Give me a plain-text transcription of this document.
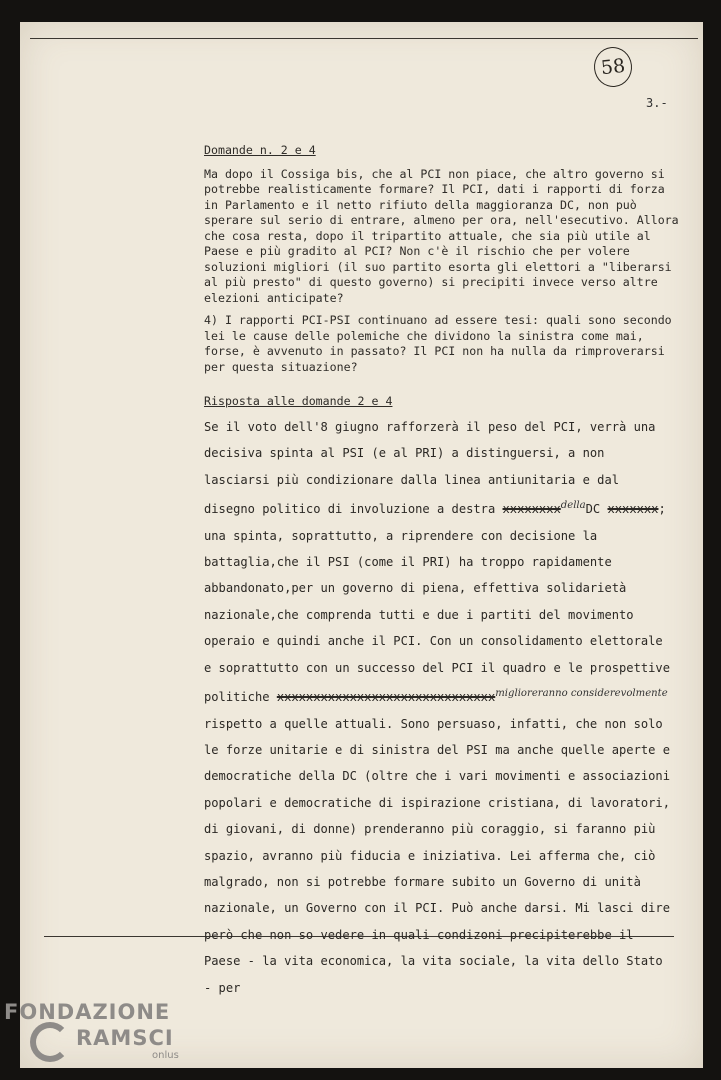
58
3.-

Domande n. 2 e 4

Ma dopo il Cossiga bis, che al PCI non piace, che altro governo si potrebbe realisticamente formare? Il PCI, dati i rapporti di forza in Parlamento e il netto rifiuto della maggioranza DC, non può sperare sul serio di entrare, almeno per ora, nell'esecutivo. Allora che cosa resta, dopo il tripartito attuale, che sia più utile al Paese e più gradito al PCI? Non c'è il rischio che per volere soluzioni migliori (il suo partito esorta gli elettori a "liberarsi al più presto" di questo governo) si precipiti invece verso altre elezioni anticipate?

4) I rapporti PCI-PSI continuano ad essere tesi: quali sono secondo lei le cause delle polemiche che dividono la sinistra come mai, forse, è avvenuto in passato? Il PCI non ha nulla da rimproverarsi per questa situazione?

Risposta alle domande 2 e 4

Se il voto dell'8 giugno rafforzerà il peso del PCI, verrà una decisiva spinta al PSI (e al PRI) a distinguersi, a non lasciarsi più condizionare dalla linea antiunitaria e dal disegno politico di involuzione a destra xxxxxxxx$^{della}$DC xxxxxxx; una spinta, soprattutto, a riprendere con decisione la battaglia,che il PSI (come il PRI) ha troppo rapidamente abbandonato,per un governo di piena, effettiva solidarietà nazionale,che comprenda tutti e due i partiti del movimento operaio e quindi anche il PCI. Con un consolidamento elettorale e soprattutto con un successo del PCI il quadro e le prospettive politiche xxxxxxxxxxxxxxxxxxxxxxxxxxxxxx$^{miglioreranno considerevolmente}$ rispetto a quelle attuali. Sono persuaso, infatti, che non solo le forze unitarie e di sinistra del PSI ma anche quelle aperte e democratiche della DC (oltre che i vari movimenti e associazioni popolari e democratiche di ispirazione cristiana, di lavoratori, di giovani, di donne) prenderanno più coraggio, si faranno più spazio, avranno più fiducia e iniziativa. Lei afferma che, ciò malgrado, non si potrebbe formare subito un Governo di unità nazionale, un Governo con il PCI. Può anche darsi. Mi lasci dire però che non so vedere in quali condizoni precipiterebbe il Paese - la vita economica, la vita sociale, la vita dello Stato - per

FONDAZIONE
RAMSCI
onlus
